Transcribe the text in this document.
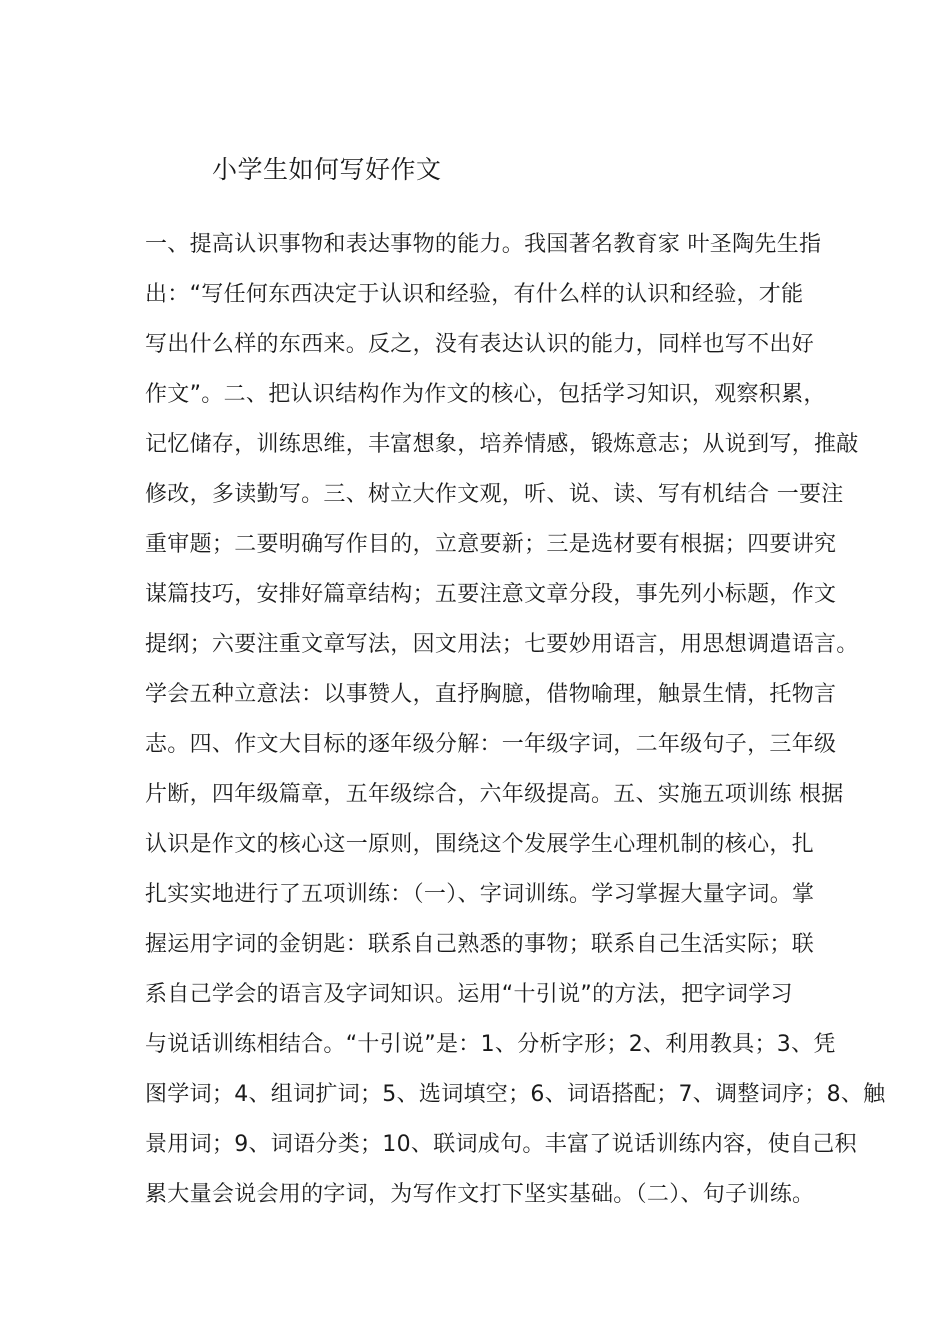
小学生如何写好作文
一、提高认识事物和表达事物的能力。我国著名教育家 叶圣陶先生指
出：“写任何东西决定于认识和经验，有什么样的认识和经验，才能
写出什么样的东西来。反之，没有表达认识的能力，同样也写不出好
作文”。二、把认识结构作为作文的核心，包括学习知识，观察积累，
记忆储存，训练思维，丰富想象，培养情感，锻炼意志；从说到写，推敲
修改，多读勤写。三、树立大作文观，听、说、读、写有机结合 一要注
重审题；二要明确写作目的，立意要新；三是选材要有根据；四要讲究
谋篇技巧，安排好篇章结构；五要注意文章分段，事先列小标题，作文
提纲；六要注重文章写法，因文用法；七要妙用语言，用思想调遣语言。
学会五种立意法：以事赞人，直抒胸臆，借物喻理，触景生情，托物言
志。四、作文大目标的逐年级分解：一年级字词，二年级句子，三年级
片断，四年级篇章，五年级综合，六年级提高。五、实施五项训练 根据
认识是作文的核心这一原则，围绕这个发展学生心理机制的核心，扎
扎实实地进行了五项训练：（一）、字词训练。学习掌握大量字词。掌
握运用字词的金钥匙：联系自己熟悉的事物；联系自己生活实际；联
系自己学会的语言及字词知识。运用“十引说”的方法，把字词学习
与说话训练相结合。“十引说”是：1、分析字形；2、利用教具；3、凭
图学词；4、组词扩词；5、选词填空；6、词语搭配；7、调整词序；8、触
景用词；9、词语分类；10、联词成句。丰富了说话训练内容，使自己积
累大量会说会用的字词，为写作文打下坚实基础。（二）、句子训练。
